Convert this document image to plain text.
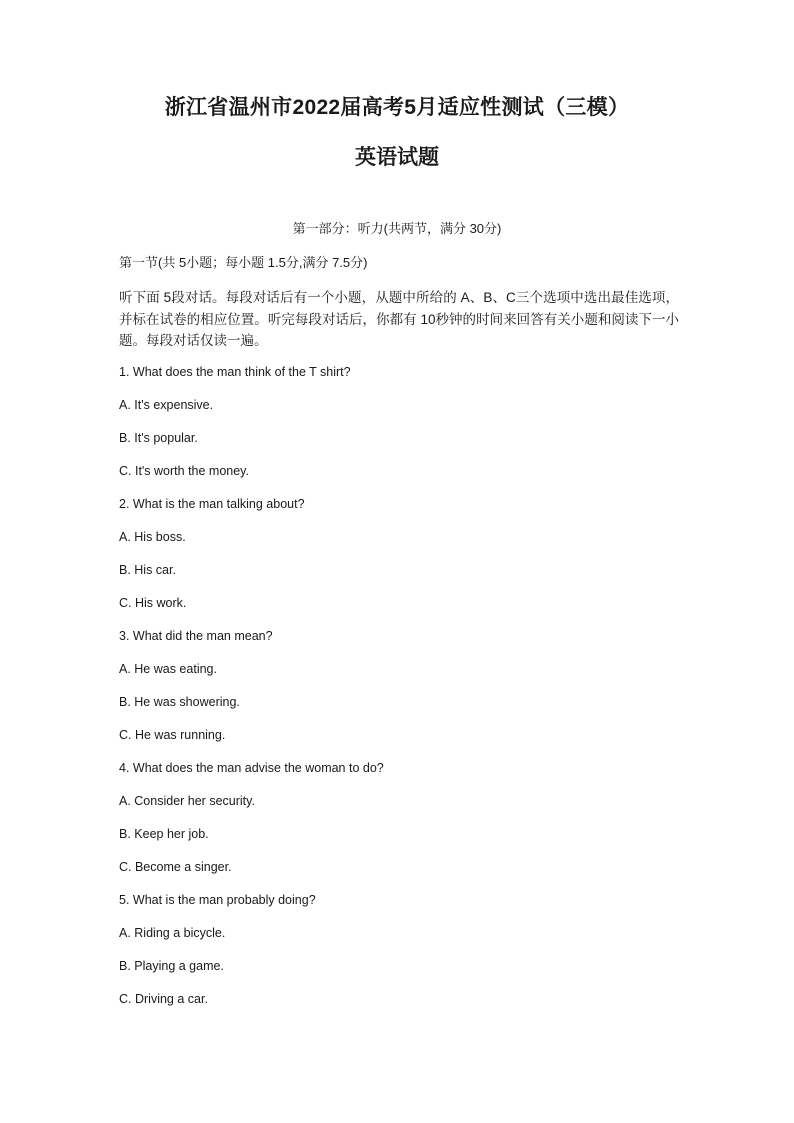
浙江省温州市2022届高考5月适应性测试（三模）
英语试题
第一部分：听力(共两节，满分 30分)
第一节(共 5小题；每小题 1.5分,满分 7.5分)
听下面 5段对话。每段对话后有一个小题，从题中所给的 A、B、C三个选项中选出最佳选项，并标在试卷的相应位置。听完每段对话后，你都有 10秒钟的时间来回答有关小题和阅读下一小题。每段对话仅读一遍。
1. What does the man think of the T shirt?
A. It's expensive.
B. It's popular.
C. It's worth the money.
2. What is the man talking about?
A. His boss.
B. His car.
C. His work.
3. What did the man mean?
A. He was eating.
B. He was showering.
C. He was running.
4. What does the man advise the woman to do?
A. Consider her security.
B. Keep her job.
C. Become a singer.
5. What is the man probably doing?
A. Riding a bicycle.
B. Playing a game.
C. Driving a car.
